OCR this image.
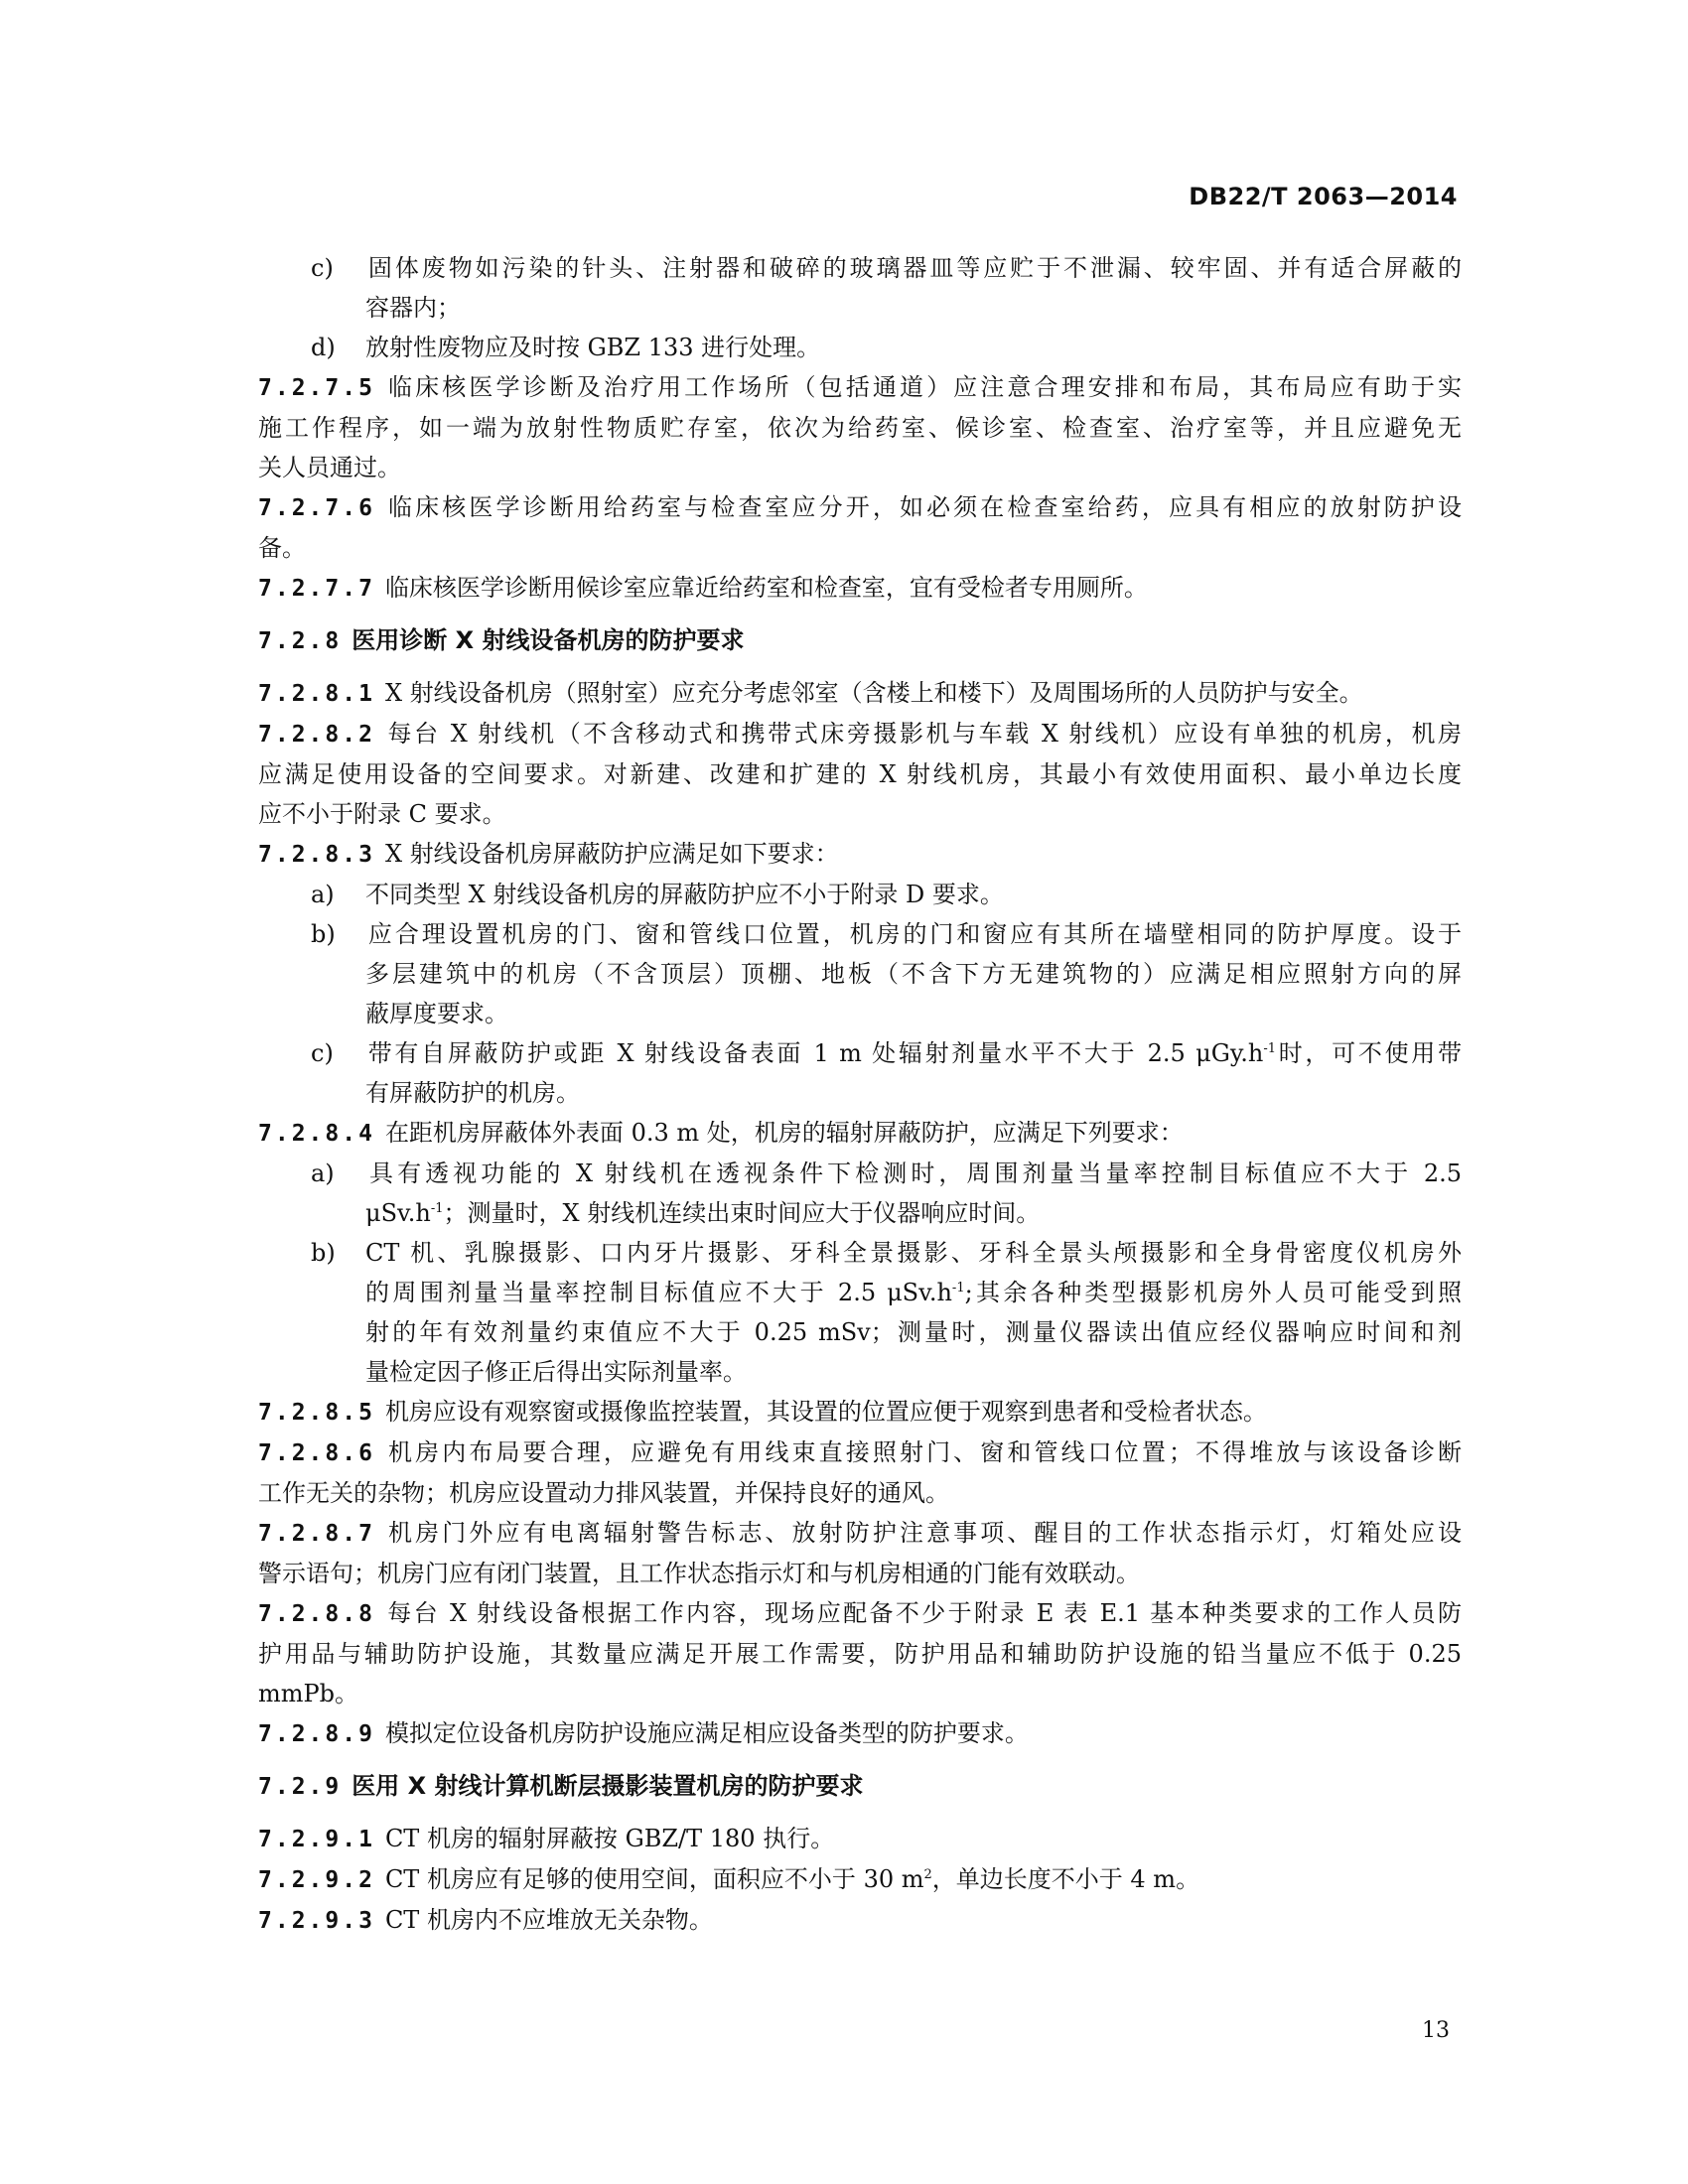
DB22/T 2063—2014
c) 固体废物如污染的针头、注射器和破碎的玻璃器皿等应贮于不泄漏、较牢固、并有适合屏蔽的
容器内；
d) 放射性废物应及时按 GBZ 133 进行处理。
7.2.7.5 临床核医学诊断及治疗用工作场所（包括通道）应注意合理安排和布局，其布局应有助于实
施工作程序，如一端为放射性物质贮存室，依次为给药室、候诊室、检查室、治疗室等，并且应避免无
关人员通过。
7.2.7.6 临床核医学诊断用给药室与检查室应分开，如必须在检查室给药，应具有相应的放射防护设
备。
7.2.7.7 临床核医学诊断用候诊室应靠近给药室和检查室，宜有受检者专用厕所。
7.2.8 医用诊断 X 射线设备机房的防护要求
7.2.8.1 X 射线设备机房（照射室）应充分考虑邻室（含楼上和楼下）及周围场所的人员防护与安全。
7.2.8.2 每台 X 射线机（不含移动式和携带式床旁摄影机与车载 X 射线机）应设有单独的机房，机房
应满足使用设备的空间要求。对新建、改建和扩建的 X 射线机房，其最小有效使用面积、最小单边长度
应不小于附录 C 要求。
7.2.8.3 X 射线设备机房屏蔽防护应满足如下要求：
a) 不同类型 X 射线设备机房的屏蔽防护应不小于附录 D 要求。
b) 应合理设置机房的门、窗和管线口位置，机房的门和窗应有其所在墙壁相同的防护厚度。设于
多层建筑中的机房（不含顶层）顶棚、地板（不含下方无建筑物的）应满足相应照射方向的屏
蔽厚度要求。
c) 带有自屏蔽防护或距 X 射线设备表面 1 m 处辐射剂量水平不大于 2.5 $\mu Gy.h^{-1}$时，可不使用带
有屏蔽防护的机房。
7.2.8.4 在距机房屏蔽体外表面 0.3 m 处，机房的辐射屏蔽防护，应满足下列要求：
a) 具有透视功能的 X 射线机在透视条件下检测时，周围剂量当量率控制目标值应不大于 2.5
$\mu Sv.h^{-1}$；测量时，X 射线机连续出束时间应大于仪器响应时间。
b) CT 机、乳腺摄影、口内牙片摄影、牙科全景摄影、牙科全景头颅摄影和全身骨密度仪机房外
的周围剂量当量率控制目标值应不大于 2.5 $\mu Sv.h^{-1}$;其余各种类型摄影机房外人员可能受到照
射的年有效剂量约束值应不大于 0.25 mSv；测量时，测量仪器读出值应经仪器响应时间和剂
量检定因子修正后得出实际剂量率。
7.2.8.5 机房应设有观察窗或摄像监控装置，其设置的位置应便于观察到患者和受检者状态。
7.2.8.6 机房内布局要合理，应避免有用线束直接照射门、窗和管线口位置；不得堆放与该设备诊断
工作无关的杂物；机房应设置动力排风装置，并保持良好的通风。
7.2.8.7 机房门外应有电离辐射警告标志、放射防护注意事项、醒目的工作状态指示灯，灯箱处应设
警示语句；机房门应有闭门装置，且工作状态指示灯和与机房相通的门能有效联动。
7.2.8.8 每台 X 射线设备根据工作内容，现场应配备不少于附录 E 表 E.1 基本种类要求的工作人员防
护用品与辅助防护设施，其数量应满足开展工作需要，防护用品和辅助防护设施的铅当量应不低于 0.25
mmPb。
7.2.8.9 模拟定位设备机房防护设施应满足相应设备类型的防护要求。
7.2.9 医用 X 射线计算机断层摄影装置机房的防护要求
7.2.9.1 CT 机房的辐射屏蔽按 GBZ/T 180 执行。
7.2.9.2 CT 机房应有足够的使用空间，面积应不小于 30 $m^2$，单边长度不小于 4 m。
7.2.9.3 CT 机房内不应堆放无关杂物。
13
